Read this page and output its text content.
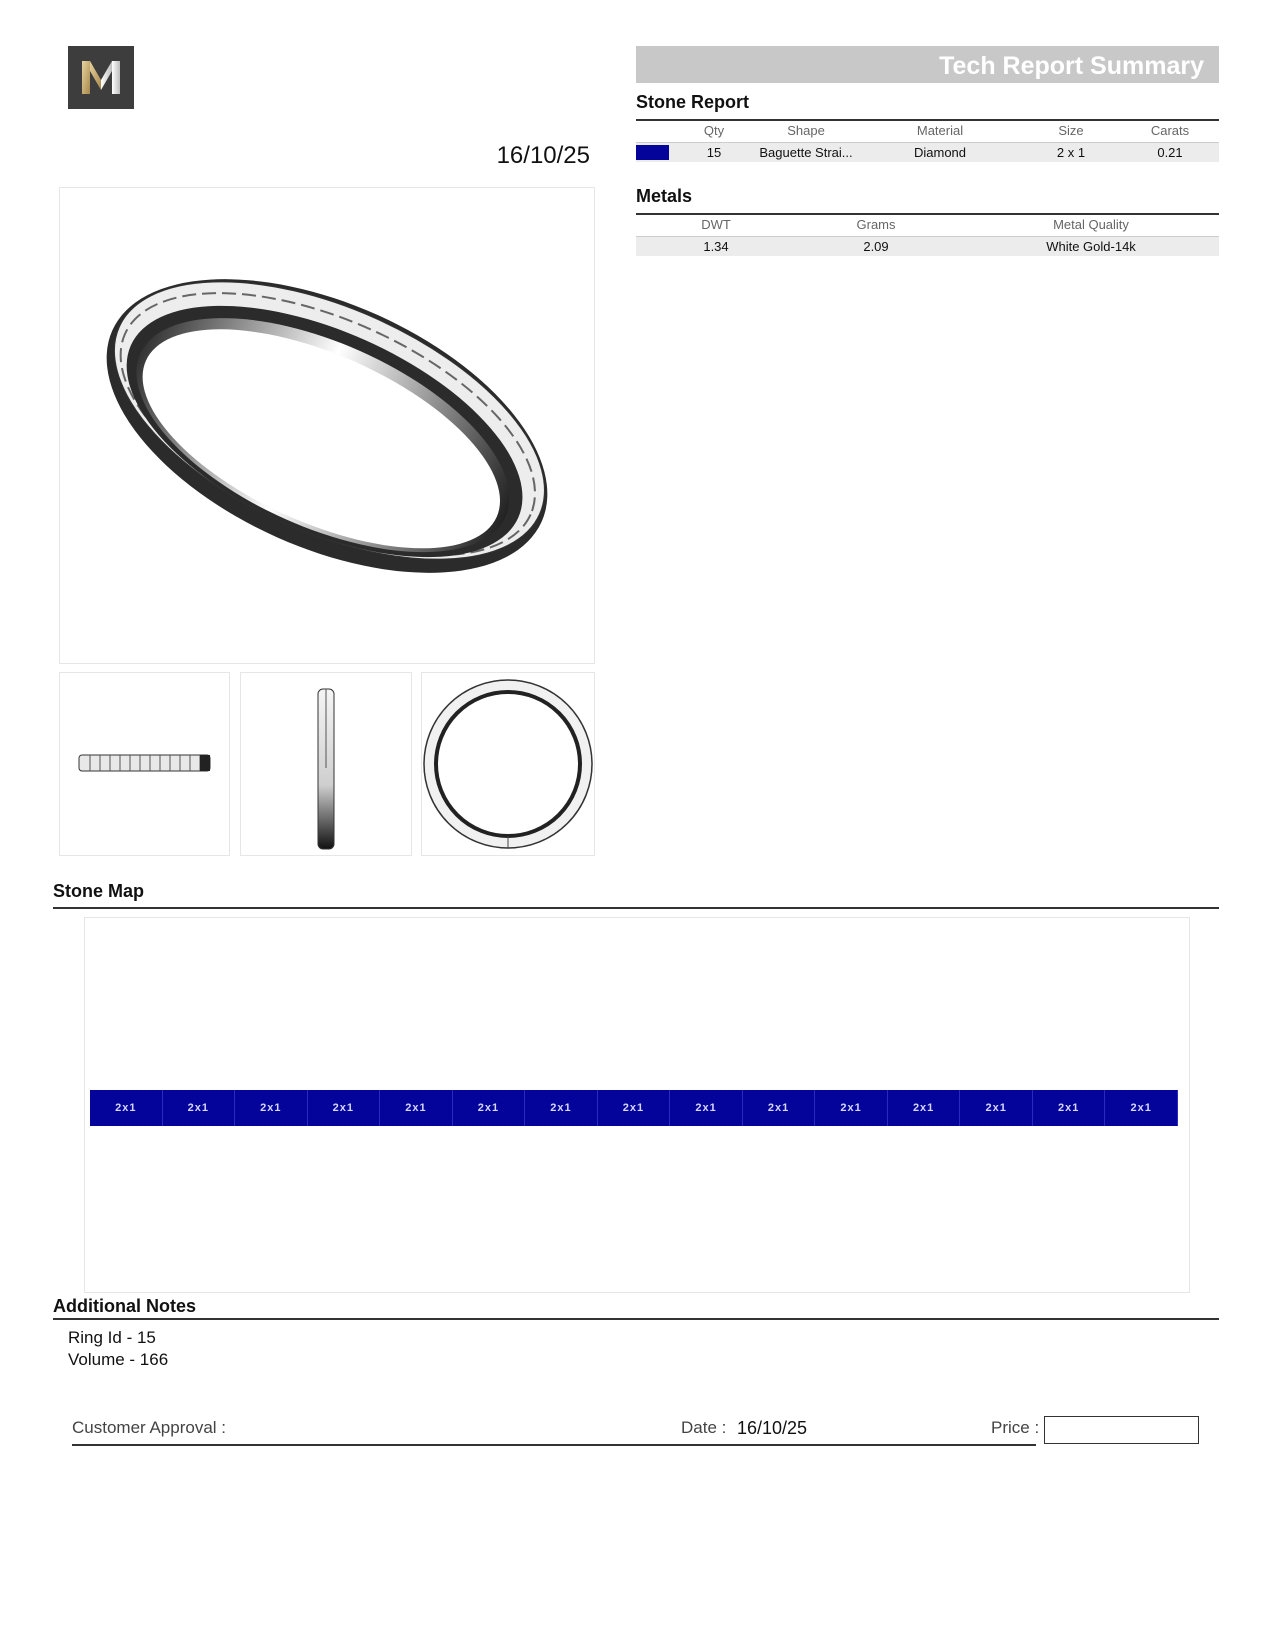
Tech Report Summary
16/10/25
Stone Report
Qty	Shape	Material	Size	Carats
15	Baguette Strai...	Diamond	2 x 1	0.21
Metals
DWT	Grams	Metal Quality
1.34	2.09	White Gold-14k
Stone Map
2x1	2x1	2x1	2x1	2x1	2x1	2x1	2x1	2x1	2x1	2x1	2x1	2x1	2x1	2x1
Additional Notes
Ring Id - 15
Volume - 166
Customer Approval :	Date : 16/10/25	Price :
